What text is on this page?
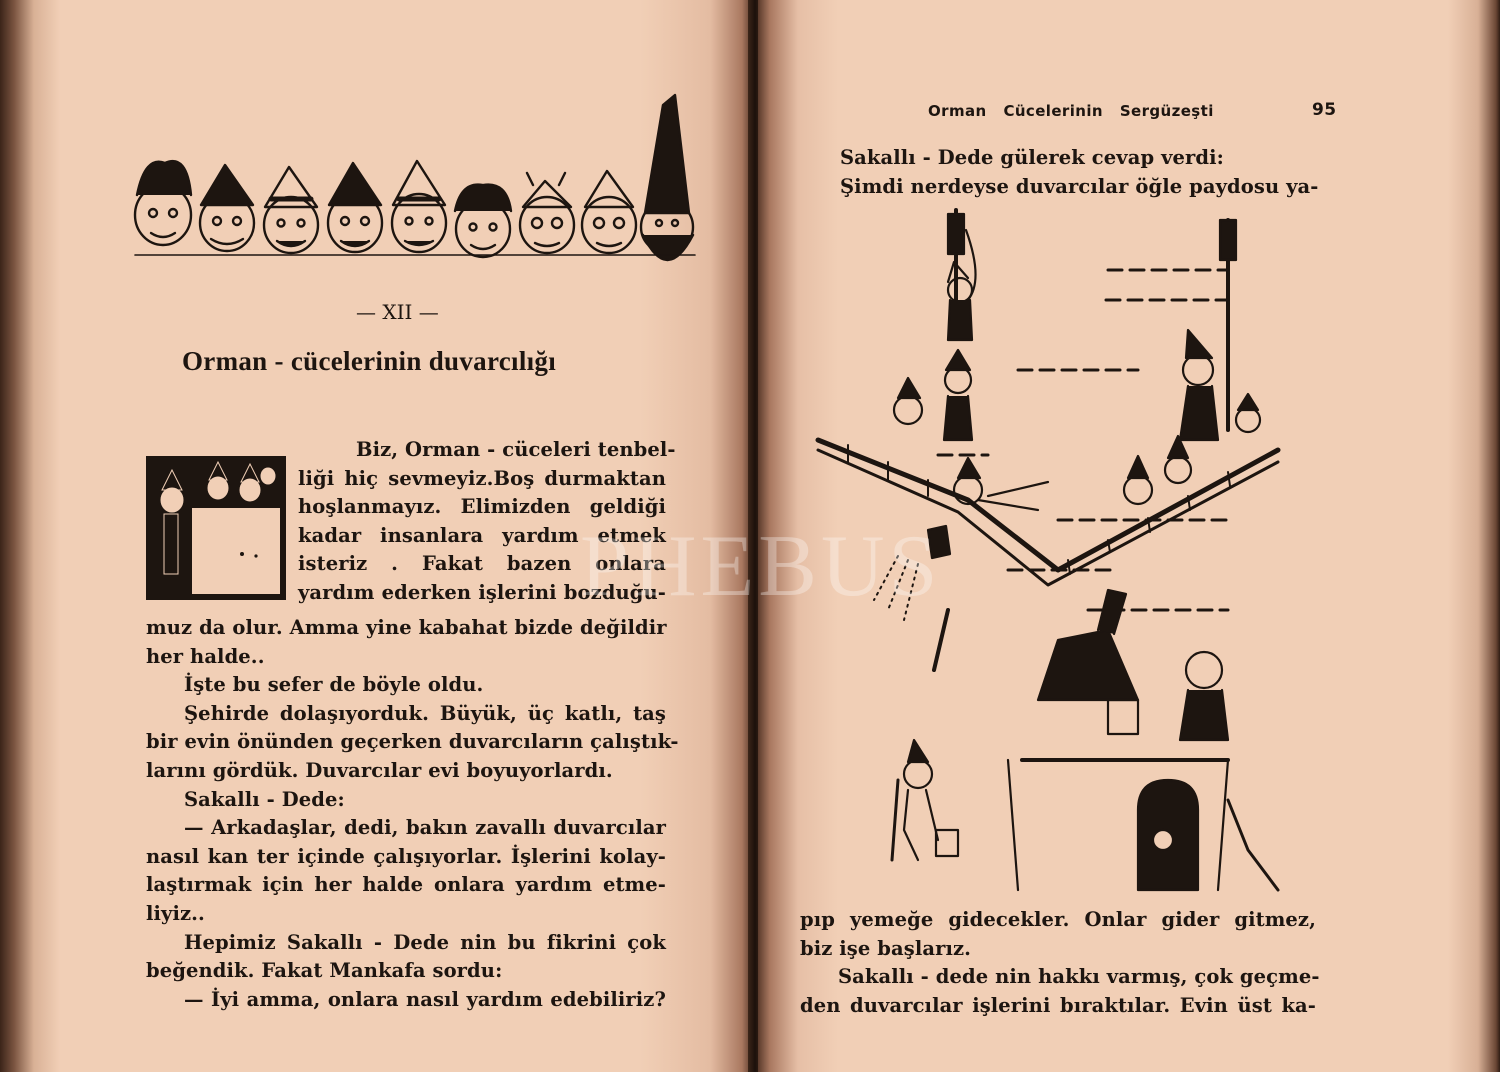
— XII —
Orman - cücelerinin duvarcılığı
Biz, Orman - cüceleri tenbel-
liği hiç sevmeyiz.Boş durmaktan
hoşlanmayız. Elimizden geldiği
kadar insanlara yardım etmek
isteriz . Fakat bazen onlara
yardım ederken işlerini bozduğu-
muz da olur. Amma yine kabahat bizde değildir
her halde..
İşte bu sefer de böyle oldu.
Şehirde dolaşıyorduk. Büyük, üç katlı, taş
bir evin önünden geçerken duvarcıların çalıştık-
larını gördük. Duvarcılar evi boyuyorlardı.
Sakallı - Dede:
— Arkadaşlar, dedi, bakın zavallı duvarcılar
nasıl kan ter içinde çalışıyorlar. İşlerini kolay-
laştırmak için her halde onlara yardım etme-
liyiz..
Hepimiz Sakallı - Dede nin bu fikrini çok
beğendik. Fakat Mankafa sordu:
— İyi amma, onlara nasıl yardım edebiliriz?
Orman   Cücelerinin   Sergüzeşti	95
Sakallı - Dede gülerek cevap verdi:
Şimdi nerdeyse duvarcılar öğle paydosu ya-
PHEBUS
pıp yemeğe gidecekler. Onlar gider gitmez,
biz işe başlarız.
Sakallı - dede nin hakkı varmış, çok geçme-
den duvarcılar işlerini bıraktılar. Evin üst ka-
